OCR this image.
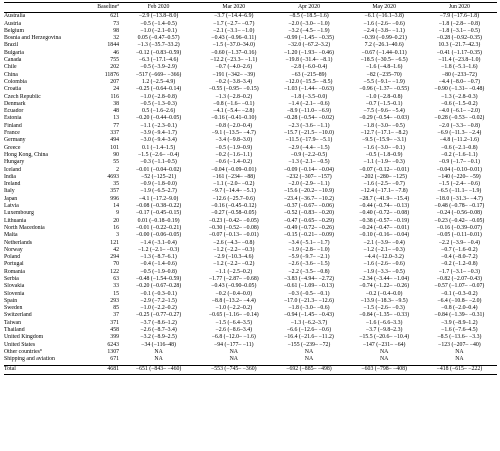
	Baseline$^a$	Feb 2020	Mar 2020	Apr 2020	May 2020	Jun 2020
Australia	621	−2.9 (−13.8–8.0)	−3.7 (−14.4–6.9)	−8.5 (−18.5–1.6)	−6.1 (−16.1–3.8)	−7.9 (−17.6–1.8)
Austria	73	−0.5 (−1.4–0.5)	−1.7 (−2.7– −0.7)	−2.0 (−3.0– −1.0)	−1.6 (−2.6– −0.6)	−1.8 (−2.8– −0.8)
Belgium	98	−1.0 (−2.1–0.1)	−2.1 (−3.1– −1.0)	−3.2 (−4.5– −1.9)	−2.4 (−3.8– −1.1)	−1.8 (−3.1– −0.5)
Bosnia and Herzegovina	32	0.05 (−0.47–0.57)	−0.43 (−0.96–0.11)	−0.99 (−1.45– −0.35)	−0.39 (−0.99–0.21)	−0.28 (−0.92–0.35)
Brazil	1844	−1.3 (−35.7–33.2)	−1.5 (−37.0–34.0)	−32.0 (−67.2–3.2)	7.2 (−26.1–40.6)	10.3 (−21.7–42.3)
Bulgaria	46	−0.12 (−0.83–0.59)	−0.60 (−1.37–0.16)	−1.20 (−1.93– −0.46)	−0.67 (−1.44–0.11)	−0.41 (−1.17–0.35)
Canada	755	−6.3 (−17.1–4.6)	−12.2 (−23.3– −1.1)	−19.8 (−31.4– −8.1)	−18.5 (−30.5– −6.5)	−11.4 (−23.8–1.0)
Chile	202	−0.5 (−3.9–2.9)	−0.7 (−4.0–2.6)	−2.8 (−6.0–0.4)	−1.6 (−4.8–1.6)	−1.8 (−5.1–1.6)
China	11876	−517 (−669– −366)	−191 (−342– −39)	−63 (−215–89)	−82 (−235–70)	−80 (−233–72)
Colombia	207	1.2 (−2.5–4.9)	−0.2 (−3.8–3.4)	−12.0 (−15.5– −8.5)	−5.5 (−9.1– −1.9)	−4.4 (−8.0– −0.7)
Croatia	24	−0.25 (−0.64–0.14)	−0.55 (−0.95– −0.15)	−1.03 (−1.44– −0.63)	−0.96 (−1.37– −0.55)	−0.90 (−1.31– −0.48)
Czech Republic	116	−1.0 (−2.8–0.8)	−1.3 (−2.8–0.2)	−1.8 (−3.5–0.0)	−1.0 (−2.8–0.8)	−1.3 (−2.8–0.3)
Denmark	38	−0.5 (−1.3–0.3)	−0.8 (−1.6– −0.1)	−1.4 (−2.1– −0.6)	−0.7 (−1.5–0.1)	−0.6 (−1.5–0.2)
Ecuador	48	0.5 (−1.6–2.6)	−4.1 (−5.4– −2.8)	−8.9 (−11.0– −6.9)	−7.5 (−9.6– −5.4)	−4.0 (−6.1– −2.0)
Estonia	13	−0.20 (−0.44–0.05)	−0.16 (−0.41–0.10)	−0.28 (−0.54– −0.02)	−0.29 (−0.54– −0.03)	−0.28 (−0.53– −0.02)
Finland	77	−1.1 (−2.3–0.1)	−0.8 (−2.0–0.4)	−2.3 (−3.6– −1.1)	−1.8 (−3.0– −0.5)	−2.0 (−3.3– −0.8)
France	337	−3.9 (−9.4–1.7)	−9.1 (−13.5– −4.7)	−15.7 (−21.5– −10.0)	−12.7 (−17.1– −8.2)	−6.9 (−11.3– −2.4)
Germany	494	−3.0 (−9.4–3.4)	−3.4 (−9.8–3.0)	−11.5 (−17.9– −5.1)	−9.5 (−15.9– −3.1)	−4.8 (−11.2–1.6)
Greece	101	0.1 (−1.4–1.5)	−0.5 (−1.9–0.9)	−2.9 (−4.4– −1.5)	−1.6 (−3.0– −0.1)	−0.6 (−2.1–0.8)
Hong Kong, China	90	−1.5 (−2.6– −0.4)	−0.2 (−1.6–1.1)	−0.9 (−2.2–0.5)	−0.5 (−1.8–0.9)	−0.2 (−1.6–1.1)
Hungary	55	−0.3 (−1.1–0.5)	−0.6 (−1.4–0.2)	−1.3 (−2.1– −0.5)	−1.1 (−1.9– −0.3)	−0.9 (−1.7– −0.1)
Iceland	2	−0.01 (−0.04–0.02)	−0.04 (−0.09–0.01)	−0.09 (−0.14– −0.04)	−0.07 (−0.12– −0.01)	−0.04 (−0.10–0.01)
India	4693	−52 (−125–21)	−161 (−234– −88)	−232 (−307– −157)	−202 (−280– −125)	−140 (−220– −59)
Ireland	35	−0.9 (−1.8–0.0)	−1.1 (−2.0– −0.2)	−2.0 (−2.9– −1.1)	−1.6 (−2.5– −0.7)	−1.5 (−2.4– −0.6)
Italy	357	−1.9 (−6.5–2.7)	−9.7 (−14.4– −5.1)	−15.6 (−20.2– −10.9)	−12.4 (−17.1– −7.8)	−6.5 (−11.1– −1.9)
Japan	996	−4.1 (−17.2–9.0)	−12.6 (−25.7–0.6)	−23.4 (−36.7– −10.2)	−28.7 (−41.9– −15.4)	−18.0 (−31.3– −4.7)
Latvia	14	−0.08 (−0.38–0.22)	−0.16 (−0.45–0.12)	−0.37 (−0.67– −0.06)	−0.44 (−0.74– −0.13)	−0.48 (−0.78– −0.17)
Luxembourg	9	−0.17 (−0.45–0.15)	−0.27 (−0.58–0.05)	−0.52 (−0.83– −0.20)	−0.40 (−0.72– −0.08)	−0.24 (−0.56–0.08)
Lithuania	20	0.01 (−0.18–0.19)	−0.23 (−0.42– −0.05)	−0.47 (−0.65– −0.29)	−0.38 (−0.57– −0.19)	−0.23 (−0.42– −0.05)
North Macedonia	16	−0.01 (−0.22–0.21)	−0.30 (−0.52– −0.08)	−0.49 (−0.72– −0.26)	−0.24 (−0.47– −0.01)	−0.16 (−0.39–0.07)
Malta	3	−0.00 (−0.06–0.05)	−0.07 (−0.13– −0.01)	−0.15 (−0.21– −0.09)	−0.10 (−0.16– −0.04)	−0.05 (−0.11–0.01)
Netherlands	121	−1.4 (−3.1–0.4)	−2.6 (−4.3– −0.8)	−3.4 (−5.1– −1.7)	−2.1 (−3.9– −0.4)	−2.2 (−3.9– −0.4)
Norway	42	−1.2 (−2.1– −0.3)	−1.2 (−2.2– −0.3)	−1.9 (−2.8– −1.0)	−1.2 (−2.1– −0.3)	−0.7 (−1.6–0.2)
Poland	294	−1.3 (−8.7–6.1)	−2.9 (−10.3–4.6)	−5.9 (−9.7– −2.1)	−4.4 (−12.0–3.2)	−0.4 (−8.0–7.2)
Portugal	70	−0.4 (−1.4–0.6)	−1.2 (−2.2– −0.2)	−2.6 (−3.6– −1.5)	−1.6 (−2.6– −0.6)	−0.2 (−1.2–0.8)
Romania	122	−0.5 (−1.9–0.8)	−1.1 (−2.5–0.2)	−2.2 (−3.5– −0.8)	−1.9 (−3.3– −0.5)	−1.7 (−3.1– −0.3)
Serbia	63	−0.48 (−1.54–0.59)	−1.77 (−2.87– −0.68)	−3.83 (−4.94– −2.72)	−2.34 (−3.44– −1.04)	−0.82 (−2.07–0.43)
Slovakia	33	−0.20 (−0.67–0.28)	−0.43 (−0.90–0.05)	−0.61 (−1.09– −0.13)	−0.74 (−1.22– −0.26)	−0.57 (−1.07– −0.07)
Slovenia	15	−0.1 (−0.3–0.1)	−0.2 (−0.4–0.0)	−0.3 (−0.5– −0.1)	−0.2 (−0.4–0.0)	−0.1 (−0.3–0.2)
Spain	293	−2.9 (−7.2–1.5)	−8.8 (−13.2– −4.4)	−17.0 (−21.3– −12.6)	−13.9 (−18.3– −9.5)	−6.4 (−10.8– −2.0)
Sweden	85	−1.0 (−2.2–0.2)	−1.0 (−2.2–0.2)	−1.8 (−3.0– −0.6)	−1.5 (−2.6– −0.3)	−0.8 (−2.0–0.4)
Switzerland	37	−0.25 (−0.77–0.27)	−0.65 (−1.16– −0.14)	−0.94 (−1.45– −0.43)	−0.84 (−1.35– −0.33)	−0.84 (−1.39– −0.31)
Taiwan	371	−3.7 (−8.6–1.2)	−1.5 (−6.4–3.5)	−1.3 (−6.2–3.7)	−1.6 (−6.6–3.3)	−3.9 (−8.9–1.2)
Thailand	458	−2.6 (−8.7–3.4)	−2.6 (−8.6–3.4)	−6.6 (−12.6– −0.6)	−3.7 (−9.8–2.3)	−1.6 (−7.6–4.5)
United Kingdom	399	−3.2 (−8.9–2.5)	−6.8 (−12.0– −1.6)	−16.4 (−21.6– −11.2)	−15.5 (−20.6– −10.4)	−8.5 (−13.6– −3.3)
United States	6243	−34 (−116–48)	−94 (−177– −11)	−155 (−239– −72)	−147 (−231– −64)	−123 (−207– −40)
Other countries$^b$	1307	NA	NA	NA	NA	NA
Shipping and aviation	671	NA	NA	NA	NA	NA
Total	4681	−651 (−843– −460)	−553 (−745– −360)	−692 (−885– −498)	−603 (−798– −408)	−418 (−615– −222)
